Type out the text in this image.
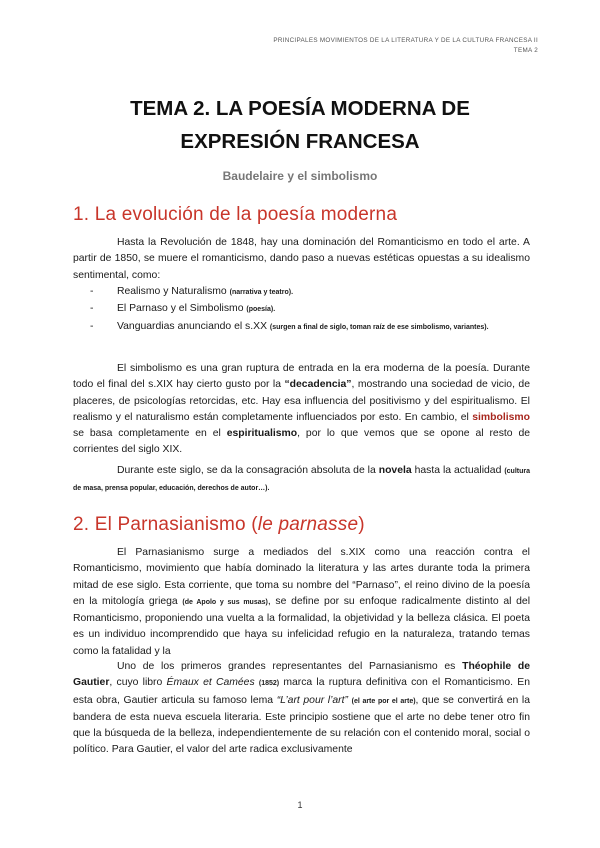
PRINCIPALES MOVIMIENTOS DE LA LITERATURA Y DE LA CULTURA FRANCESA II
TEMA 2
TEMA 2. LA POESÍA MODERNA DE
EXPRESIÓN FRANCESA
Baudelaire y el simbolismo
1. La evolución de la poesía moderna

Hasta la Revolución de 1848, hay una dominación del Romanticismo en todo el arte. A partir de 1850, se muere el romanticismo, dando paso a nuevas estéticas opuestas a su idealismo sentimental, como:

- Realismo y Naturalismo (narrativa y teatro).
- El Parnaso y el Simbolismo (poesía).
- Vanguardias anunciando el s.XX (surgen a final de siglo, toman raíz de ese simbolismo, variantes).

El simbolismo es una gran ruptura de entrada en la era moderna de la poesía. Durante todo el final del s.XIX hay cierto gusto por la “decadencia”, mostrando una sociedad de vicio, de placeres, de psicologías retorcidas, etc. Hay esa influencia del positivismo y del espiritualismo. El realismo y el naturalismo están completamente influenciados por esto. En cambio, el simbolismo se basa completamente en el espiritualismo, por lo que vemos que se opone al resto de corrientes del siglo XIX.

Durante este siglo, se da la consagración absoluta de la novela hasta la actualidad (cultura de masa, prensa popular, educación, derechos de autor…).

2. El Parnasianismo (le parnasse)

El Parnasianismo surge a mediados del s.XIX como una reacción contra el Romanticismo, movimiento que había dominado la literatura y las artes durante toda la primera mitad de ese siglo. Esta corriente, que toma su nombre del “Parnaso”, el reino divino de la poesía en la mitología griega (de Apolo y sus musas), se define por su enfoque radicalmente distinto al del Romanticismo, proponiendo una vuelta a la formalidad, la objetividad y la belleza clásica. El poeta es un individuo incomprendido que haya su infelicidad refugio en la naturaleza, tratando temas como la fatalidad y la

Uno de los primeros grandes representantes del Parnasianismo es Théophile de Gautier, cuyo libro Émaux et Camées (1852) marca la ruptura definitiva con el Romanticismo. En esta obra, Gautier articula su famoso lema “L’art pour l’art” (el arte por el arte), que se convertirá en la bandera de esta nueva escuela literaria. Este principio sostiene que el arte no debe tener otro fin que la búsqueda de la belleza, independientemente de su relación con el contenido moral, social o político. Para Gautier, el valor del arte radica exclusivamente

1
